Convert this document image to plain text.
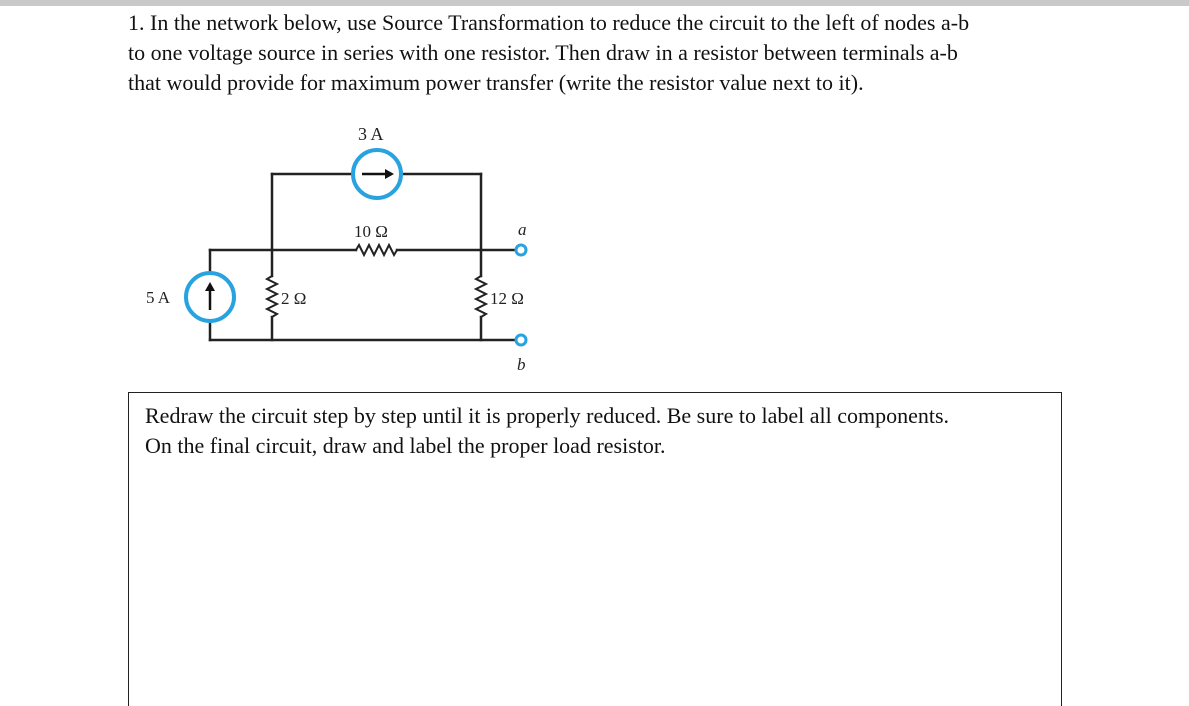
1. In the network below, use Source Transformation to reduce the circuit to the left of nodes a-b
to one voltage source in series with one resistor. Then draw in a resistor between terminals a-b
that would provide for maximum power transfer (write the resistor value next to it).
3 A
10 Ω
5 A	2 Ω	12 Ω
a
b
Redraw the circuit step by step until it is properly reduced. Be sure to label all components.
On the final circuit, draw and label the proper load resistor.
